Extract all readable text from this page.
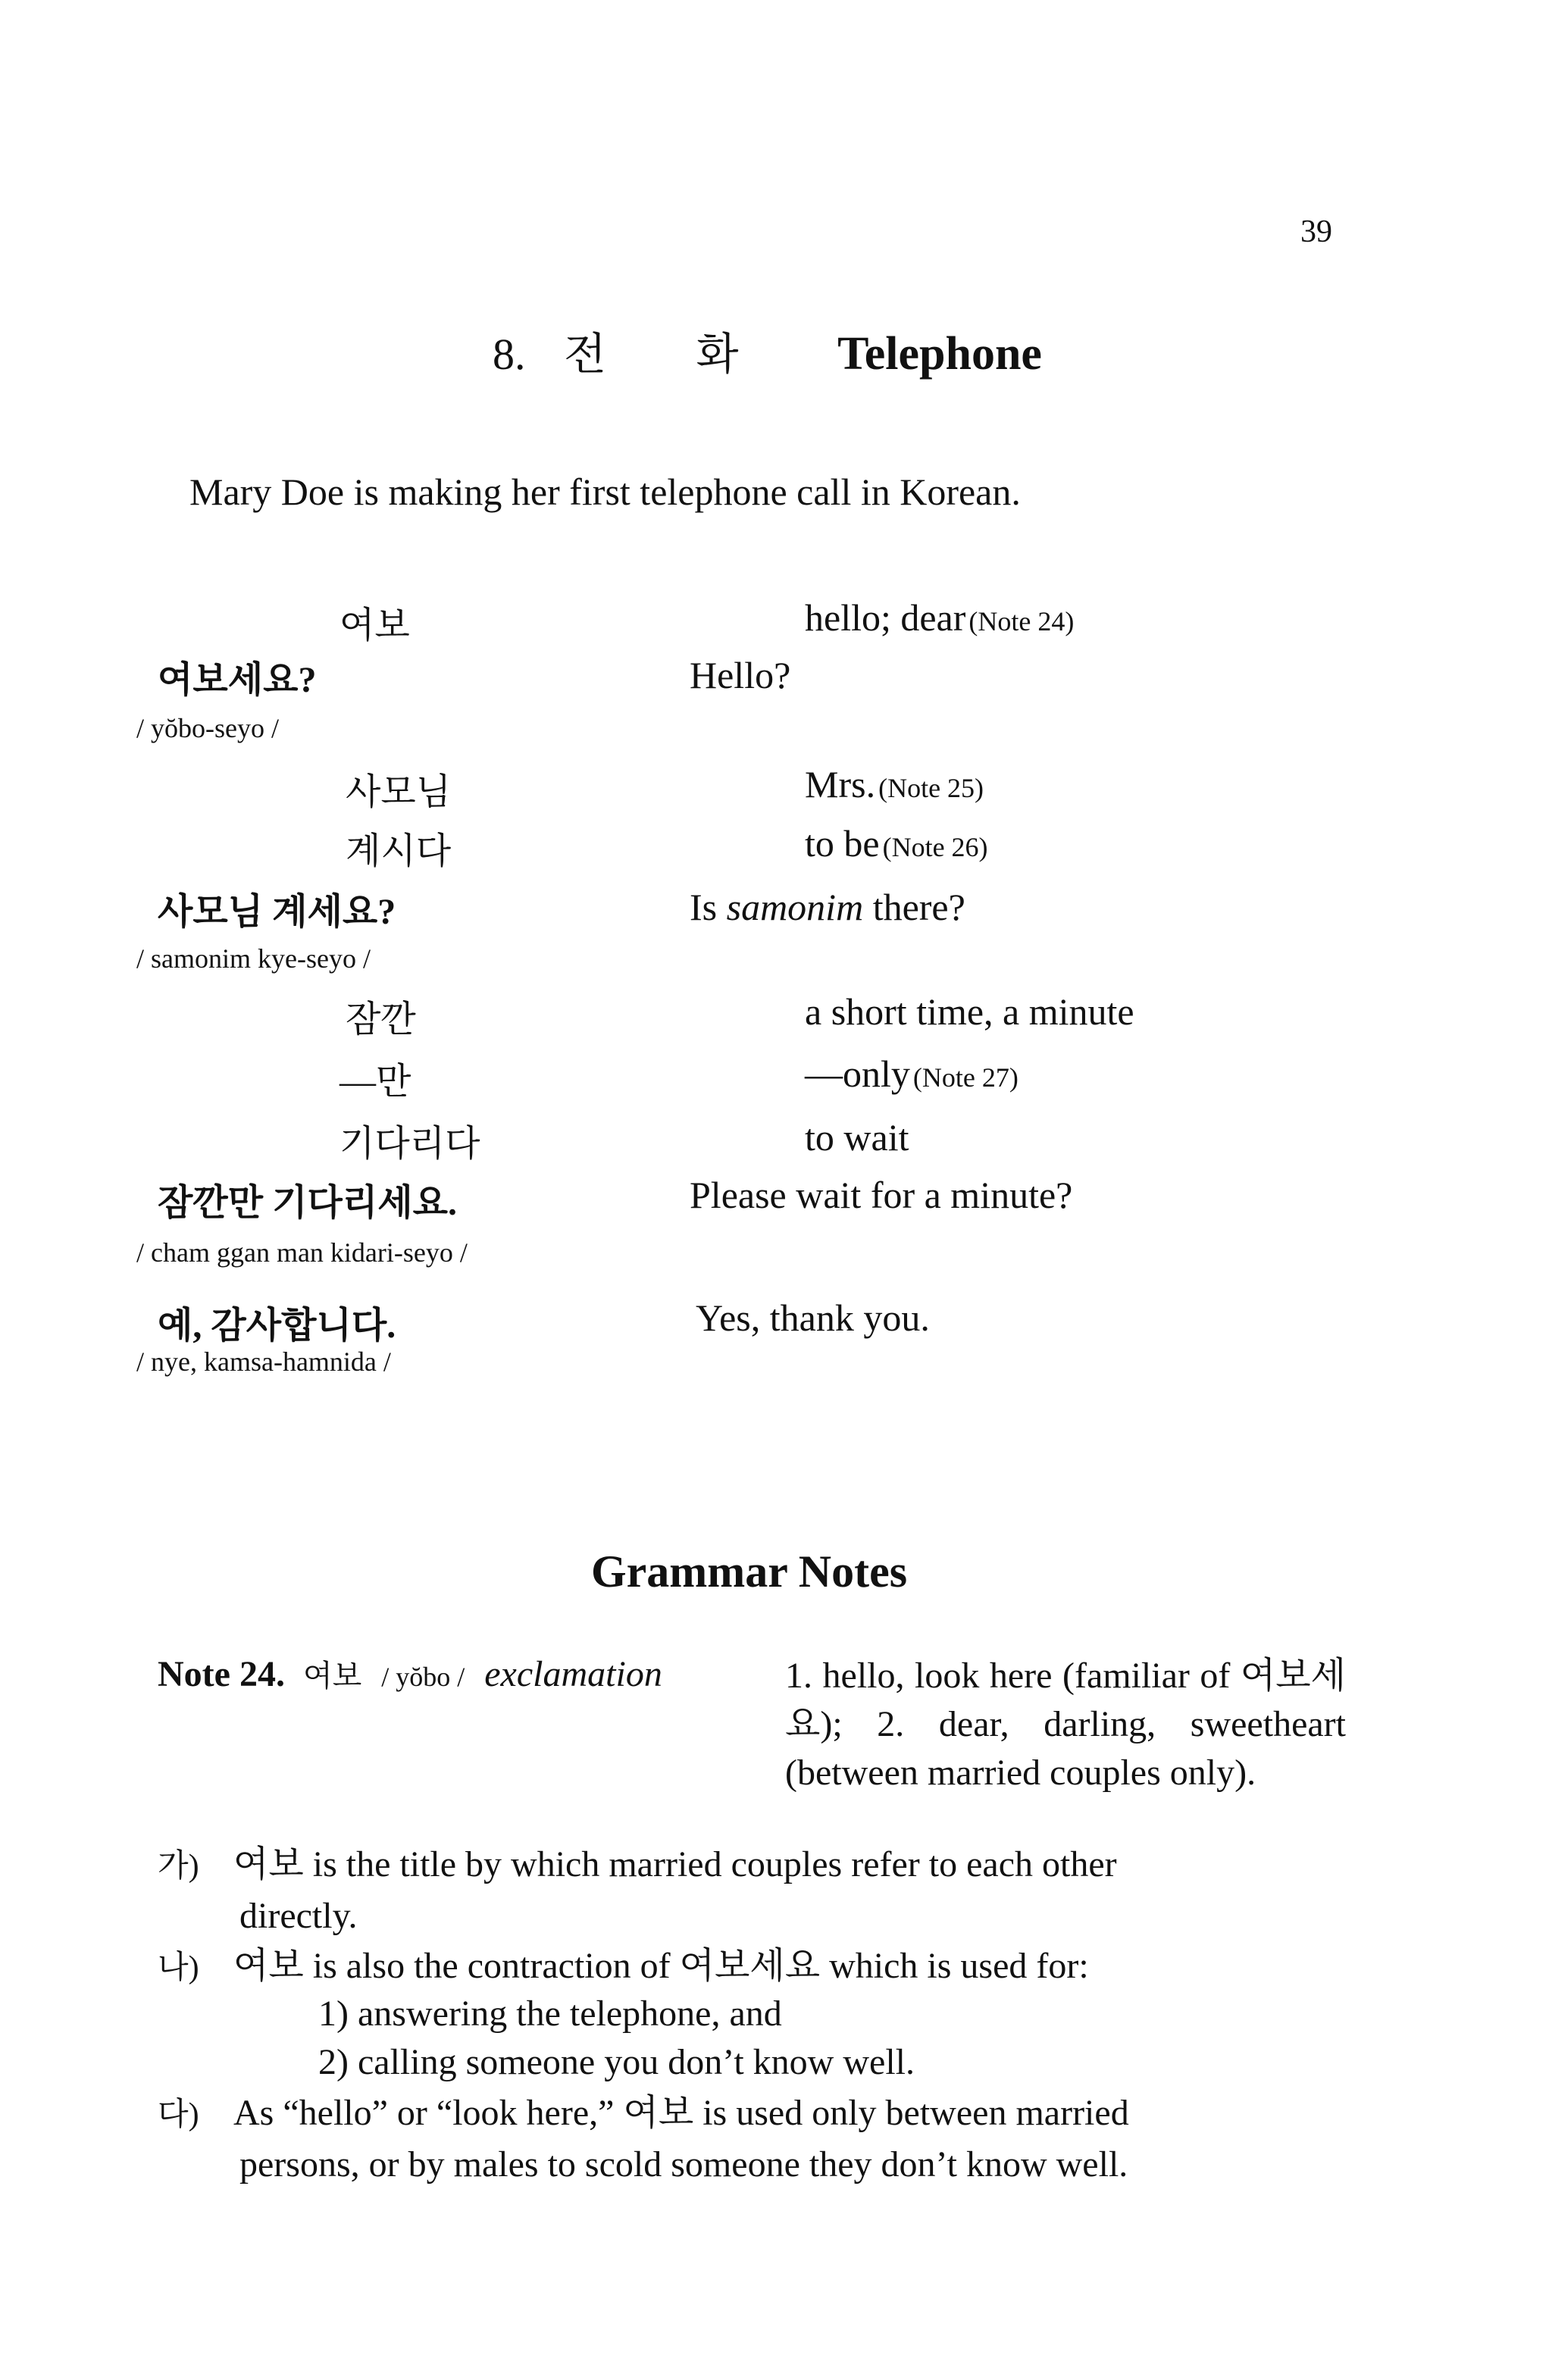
39
8. 전 화 Telephone
Mary Doe is making her first telephone call in Korean.
여보	hello; dear (Note 24)
여보세요?	Hello?
/ yŏbo-seyo /
사모님	Mrs. (Note 25)
계시다	to be (Note 26)
사모님 계세요?	Is samonim there?
/ samonim kye-seyo /
잠깐	a short time, a minute
—만	—only (Note 27)
기다리다	to wait
잠깐만 기다리세요.	Please wait for a minute?
/ cham ggan man kidari-seyo /
예, 감사합니다.	Yes, thank you.
/ nye, kamsa-hamnida /
Grammar Notes
Note 24. 여보 / yŏbo / exclamation	1. hello, look here (familiar of 여보세요); 2. dear, darling, sweetheart (between married couples only).
가) 여보 is the title by which married couples refer to each other
directly.
나) 여보 is also the contraction of 여보세요 which is used for:
1) answering the telephone, and
2) calling someone you don’t know well.
다) As “hello” or “look here,” 여보 is used only between married
persons, or by males to scold someone they don’t know well.
